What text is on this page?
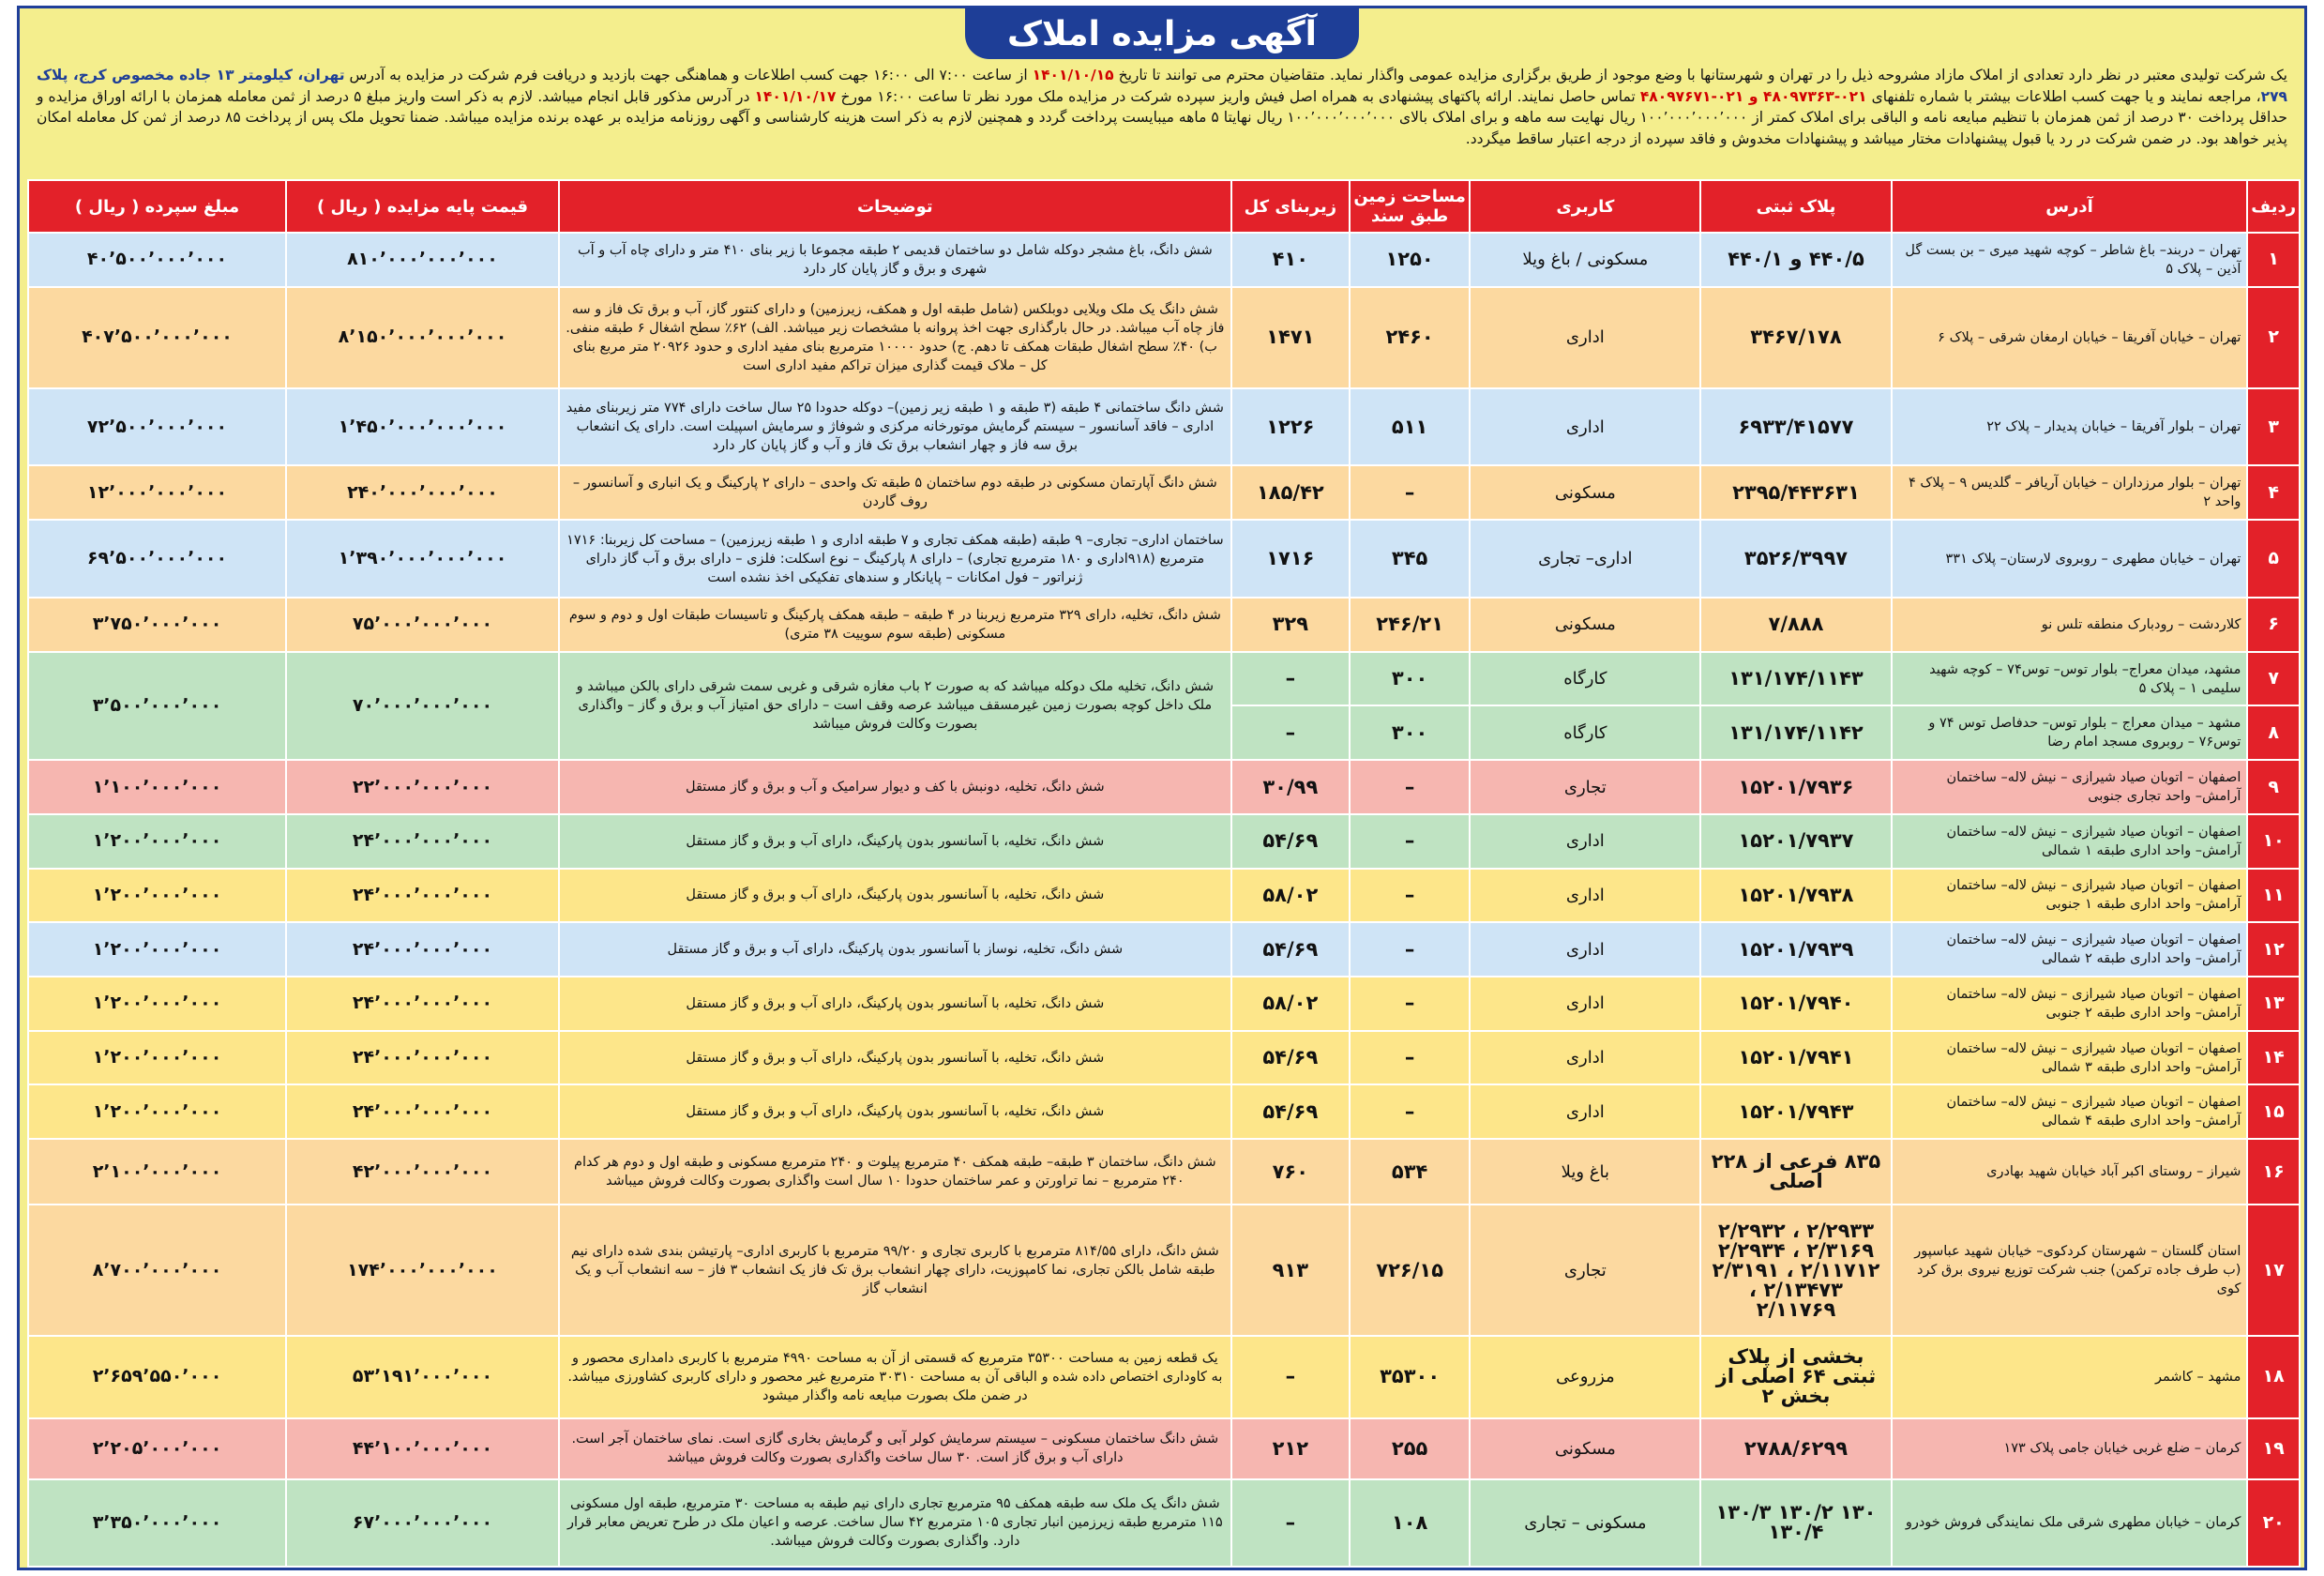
آگهی مزایده املاک
یک شرکت تولیدی معتبر در نظر دارد تعدادی از املاک مازاد مشروحه ذیل را در تهران و شهرستانها با وضع موجود از طریق برگزاری مزایده عمومی واگذار نماید. متقاضیان محترم می توانند تا تاریخ ۱۴۰۱/۱۰/۱۵ از ساعت ۷:۰۰ الی ۱۶:۰۰ جهت کسب اطلاعات و هماهنگی جهت بازدید و دریافت فرم شرکت در مزایده به آدرس تهران، کیلومتر ۱۳ جاده مخصوص کرج، پلاک ۲۷۹، مراجعه نمایند و یا جهت کسب اطلاعات بیشتر با شماره تلفنهای ۰۲۱-۴۸۰۹۷۳۶۳ و ۰۲۱-۴۸۰۹۷۶۷۱ تماس حاصل نمایند. ارائه پاکتهای پیشنهادی به همراه اصل فیش واریز سپرده شرکت در مزایده ملک مورد نظر تا ساعت ۱۶:۰۰ مورخ ۱۴۰۱/۱۰/۱۷ در آدرس مذکور قابل انجام میباشد. لازم به ذکر است واریز مبلغ ۵ درصد از ثمن معامله همزمان با ارائه اوراق مزایده و حداقل پرداخت ۳۰ درصد از ثمن همزمان با تنظیم مبایعه نامه و الباقی برای املاک کمتر از ۱۰۰٬۰۰۰٬۰۰۰٬۰۰۰ ریال نهایت سه ماهه و برای املاک بالای ۱۰۰٬۰۰۰٬۰۰۰٬۰۰۰ ریال نهایتا ۵ ماهه میبایست پرداخت گردد و همچنین لازم به ذکر است هزینه کارشناسی و آگهی روزنامه مزایده بر عهده برنده مزایده میباشد. ضمنا تحویل ملک پس از پرداخت ۸۵ درصد از ثمن کل معامله امکان پذیر خواهد بود. در ضمن شرکت در رد یا قبول پیشنهادات مختار میباشد و پیشنهادات مخدوش و فاقد سپرده از درجه اعتبار ساقط میگردد.
ردیف	آدرس	پلاک ثبتی	کاربری	مساحت زمین طبق سند	زیربنای کل	توضیحات	قیمت پایه مزایده ( ریال )	مبلغ سپرده ( ریال )
۱	تهران – دربند– باغ شاطر – کوچه شهید میری – بن بست گل آذین – پلاک ۵	۴۴۰/۵ و ۴۴۰/۱	مسکونی / باغ ویلا	۱۲۵۰	۴۱۰	شش دانگ، باغ مشجر دوکله شامل دو ساختمان قدیمی ۲ طبقه مجموعا با زیر بنای ۴۱۰ متر و دارای چاه آب و آب شهری و برق و گاز پایان کار دارد	۸۱۰٬۰۰۰٬۰۰۰٬۰۰۰	۴۰٬۵۰۰٬۰۰۰٬۰۰۰
۲	تهران – خیابان آفریقا – خیابان ارمغان شرقی – پلاک ۶	۳۴۶۷/۱۷۸	اداری	۲۴۶۰	۱۴۷۱	شش دانگ یک ملک ویلایی دوبلکس (شامل طبقه اول و همکف، زیرزمین) و دارای کنتور گاز، آب و برق تک فاز و سه فاز چاه آب میباشد. در حال بارگذاری جهت اخذ پروانه با مشخصات زیر میباشد. الف) ۶۲٪ سطح اشغال ۶ طبقه منفی. ب) ۴۰٪ سطح اشغال طبقات همکف تا دهم. ج) حدود ۱۰۰۰۰ مترمربع بنای مفید اداری و حدود ۲۰۹۲۶ متر مربع بنای کل – ملاک قیمت گذاری میزان تراکم مفید اداری است	۸٬۱۵۰٬۰۰۰٬۰۰۰٬۰۰۰	۴۰۷٬۵۰۰٬۰۰۰٬۰۰۰
۳	تهران – بلوار آفریقا – خیابان پدیدار – پلاک ۲۲	۶۹۳۳/۴۱۵۷۷	اداری	۵۱۱	۱۲۲۶	شش دانگ ساختمانی ۴ طبقه (۳ طبقه و ۱ طبقه زیر زمین)– دوکله حدودا ۲۵ سال ساخت دارای ۷۷۴ متر زیربنای مفید اداری – فاقد آسانسور – سیستم گرمایش موتورخانه مرکزی و شوفاژ و سرمایش اسپیلت است. دارای یک انشعاب برق سه فاز و چهار انشعاب برق تک فاز و آب و گاز پایان کار دارد	۱٬۴۵۰٬۰۰۰٬۰۰۰٬۰۰۰	۷۲٬۵۰۰٬۰۰۰٬۰۰۰
۴	تهران – بلوار مرزداران – خیابان آریافر – گلدیس ۹ – پلاک ۴ واحد ۲	۲۳۹۵/۴۴۳۶۳۱	مسکونی	–	۱۸۵/۴۲	شش دانگ آپارتمان مسکونی در طبقه دوم ساختمان ۵ طبقه تک واحدی – دارای ۲ پارکینگ و یک انباری و آسانسور – روف گاردن	۲۴۰٬۰۰۰٬۰۰۰٬۰۰۰	۱۲٬۰۰۰٬۰۰۰٬۰۰۰
۵	تهران – خیابان مطهری – روبروی لارستان– پلاک ۳۳۱	۳۵۲۶/۳۹۹۷	اداری– تجاری	۳۴۵	۱۷۱۶	ساختمان اداری– تجاری– ۹ طبقه (طبقه همکف تجاری و ۷ طبقه اداری و ۱ طبقه زیرزمین) – مساحت کل زیربنا: ۱۷۱۶ مترمربع (۹۱۸اداری و ۱۸۰ مترمربع تجاری) – دارای ۸ پارکینگ – نوع اسکلت: فلزی – دارای برق و آب گاز دارای ژنراتور – فول امکانات – پایانکار و سندهای تفکیکی اخذ نشده است	۱٬۳۹۰٬۰۰۰٬۰۰۰٬۰۰۰	۶۹٬۵۰۰٬۰۰۰٬۰۰۰
۶	کلاردشت – رودبارک منطقه تلس نو	۷/۸۸۸	مسکونی	۲۴۶/۲۱	۳۲۹	شش دانگ، تخلیه، دارای ۳۲۹ مترمربع زیربنا در ۴ طبقه – طبقه همکف پارکینگ و تاسیسات طبقات اول و دوم و سوم مسکونی (طبقه سوم سوییت ۳۸ متری)	۷۵٬۰۰۰٬۰۰۰٬۰۰۰	۳٬۷۵۰٬۰۰۰٬۰۰۰
۷	مشهد، میدان معراج– بلوار توس– توس۷۴ – کوچه شهید سلیمی ۱ – پلاک ۵	۱۳۱/۱۷۴/۱۱۴۳	کارگاه	۳۰۰	–	شش دانگ، تخلیه ملک دوکله میباشد که به صورت ۲ باب مغازه شرقی و غربی سمت شرقی دارای بالکن میباشد و ملک داخل کوچه بصورت زمین غیرمسقف میباشد عرصه وقف است – دارای حق امتیاز آب و برق و گاز – واگذاری بصورت وکالت فروش میباشد	۷۰٬۰۰۰٬۰۰۰٬۰۰۰	۳٬۵۰۰٬۰۰۰٬۰۰۰
۸	مشهد – میدان معراج – بلوار توس– حدفاصل توس ۷۴ و توس۷۶ – روبروی مسجد امام رضا	۱۳۱/۱۷۴/۱۱۴۲	کارگاه	۳۰۰	–			
۹	اصفهان – اتوبان صیاد شیرازی – نیش لاله– ساختمان آرامش– واحد تجاری جنوبی	۱۵۲۰۱/۷۹۳۶	تجاری	–	۳۰/۹۹	شش دانگ، تخلیه، دونبش با کف و دیوار سرامیک و آب و برق و گاز مستقل	۲۲٬۰۰۰٬۰۰۰٬۰۰۰	۱٬۱۰۰٬۰۰۰٬۰۰۰
۱۰	اصفهان – اتوبان صیاد شیرازی – نیش لاله– ساختمان آرامش– واحد اداری طبقه ۱ شمالی	۱۵۲۰۱/۷۹۳۷	اداری	–	۵۴/۶۹	شش دانگ، تخلیه، با آسانسور بدون پارکینگ، دارای آب و برق و گاز مستقل	۲۴٬۰۰۰٬۰۰۰٬۰۰۰	۱٬۲۰۰٬۰۰۰٬۰۰۰
۱۱	اصفهان – اتوبان صیاد شیرازی – نیش لاله– ساختمان آرامش– واحد اداری طبقه ۱ جنوبی	۱۵۲۰۱/۷۹۳۸	اداری	–	۵۸/۰۲	شش دانگ، تخلیه، با آسانسور بدون پارکینگ، دارای آب و برق و گاز مستقل	۲۴٬۰۰۰٬۰۰۰٬۰۰۰	۱٬۲۰۰٬۰۰۰٬۰۰۰
۱۲	اصفهان – اتوبان صیاد شیرازی – نیش لاله– ساختمان آرامش– واحد اداری طبقه ۲ شمالی	۱۵۲۰۱/۷۹۳۹	اداری	–	۵۴/۶۹	شش دانگ، تخلیه، نوساز با آسانسور بدون پارکینگ، دارای آب و برق و گاز مستقل	۲۴٬۰۰۰٬۰۰۰٬۰۰۰	۱٬۲۰۰٬۰۰۰٬۰۰۰
۱۳	اصفهان – اتوبان صیاد شیرازی – نیش لاله– ساختمان آرامش– واحد اداری طبقه ۲ جنوبی	۱۵۲۰۱/۷۹۴۰	اداری	–	۵۸/۰۲	شش دانگ، تخلیه، با آسانسور بدون پارکینگ، دارای آب و برق و گاز مستقل	۲۴٬۰۰۰٬۰۰۰٬۰۰۰	۱٬۲۰۰٬۰۰۰٬۰۰۰
۱۴	اصفهان – اتوبان صیاد شیرازی – نیش لاله– ساختمان آرامش– واحد اداری طبقه ۳ شمالی	۱۵۲۰۱/۷۹۴۱	اداری	–	۵۴/۶۹	شش دانگ، تخلیه، با آسانسور بدون پارکینگ، دارای آب و برق و گاز مستقل	۲۴٬۰۰۰٬۰۰۰٬۰۰۰	۱٬۲۰۰٬۰۰۰٬۰۰۰
۱۵	اصفهان – اتوبان صیاد شیرازی – نیش لاله– ساختمان آرامش– واحد اداری طبقه ۴ شمالی	۱۵۲۰۱/۷۹۴۳	اداری	–	۵۴/۶۹	شش دانگ، تخلیه، با آسانسور بدون پارکینگ، دارای آب و برق و گاز مستقل	۲۴٬۰۰۰٬۰۰۰٬۰۰۰	۱٬۲۰۰٬۰۰۰٬۰۰۰
۱۶	شیراز – روستای اکبر آباد خیابان شهید بهادری	۸۳۵ فرعی از ۲۲۸ اصلی	باغ ویلا	۵۳۴	۷۶۰	شش دانگ، ساختمان ۳ طبقه– طبقه همکف ۴۰ مترمربع پیلوت و ۲۴۰ مترمربع مسکونی و طبقه اول و دوم هر کدام ۲۴۰ مترمربع – نما تراورتن و عمر ساختمان حدودا ۱۰ سال است واگذاری بصورت وکالت فروش میباشد	۴۲٬۰۰۰٬۰۰۰٬۰۰۰	۲٬۱۰۰٬۰۰۰٬۰۰۰
۱۷	استان گلستان – شهرستان کردکوی– خیابان شهید عباسپور (ب طرف جاده ترکمن) جنب شرکت توزیع نیروی برق کرد کوی	۲/۲۹۳۳ ، ۲/۲۹۳۲ ۲/۳۱۶۹ ، ۲/۲۹۳۴ ۲/۱۱۷۱۲ ، ۲/۳۱۹۱ ۲/۱۳۴۷۳ ، ۲/۱۱۷۶۹	تجاری	۷۲۶/۱۵	۹۱۳	شش دانگ، دارای ۸۱۴/۵۵ مترمربع با کاربری تجاری و ۹۹/۲۰ مترمربع با کاربری اداری– پارتیشن بندی شده دارای نیم طبقه شامل بالکن تجاری، نما کامپوزیت، دارای چهار انشعاب برق تک فاز یک انشعاب ۳ فاز – سه انشعاب آب و یک انشعاب گاز	۱۷۴٬۰۰۰٬۰۰۰٬۰۰۰	۸٬۷۰۰٬۰۰۰٬۰۰۰
۱۸	مشهد – کاشمر	بخشی از پلاک ثبتی ۶۴ اصلی از بخش ۲	مزروعی	۳۵۳۰۰	–	یک قطعه زمین به مساحت ۳۵۳۰۰ مترمربع که قسمتی از آن به مساحت ۴۹۹۰ مترمربع با کاربری دامداری محصور و به کاوداری اختصاص داده شده و الباقی آن به مساحت ۳۰۳۱۰ مترمربع غیر محصور و دارای کاربری کشاورزی میباشد. در ضمن ملک بصورت مبایعه نامه واگذار میشود	۵۳٬۱۹۱٬۰۰۰٬۰۰۰	۲٬۶۵۹٬۵۵۰٬۰۰۰
۱۹	کرمان – ضلع غربی خیابان جامی پلاک ۱۷۳	۲۷۸۸/۶۲۹۹	مسکونی	۲۵۵	۲۱۲	شش دانگ ساختمان مسکونی – سیستم سرمایش کولر آبی و گرمایش بخاری گازی است. نمای ساختمان آجر است. دارای آب و برق گاز است. ۳۰ سال ساخت واگذاری بصورت وکالت فروش میباشد	۴۴٬۱۰۰٬۰۰۰٬۰۰۰	۲٬۲۰۵٬۰۰۰٬۰۰۰
۲۰	کرمان – خیابان مطهری شرقی ملک نمایندگی فروش خودرو	۱۳۰ ۱۳۰/۲ ۱۳۰/۳ ۱۳۰/۴	مسکونی – تجاری	۱۰۸	–	شش دانگ یک ملک سه طبقه همکف ۹۵ مترمربع تجاری دارای نیم طبقه به مساحت ۳۰ مترمربع، طبقه اول مسکونی ۱۱۵ مترمربع طبقه زیرزمین انبار تجاری ۱۰۵ مترمربع ۴۲ سال ساخت. عرصه و اعیان ملک در طرح تعریض معابر قرار دارد. واگذاری بصورت وکالت فروش میباشد.	۶۷٬۰۰۰٬۰۰۰٬۰۰۰	۳٬۳۵۰٬۰۰۰٬۰۰۰
